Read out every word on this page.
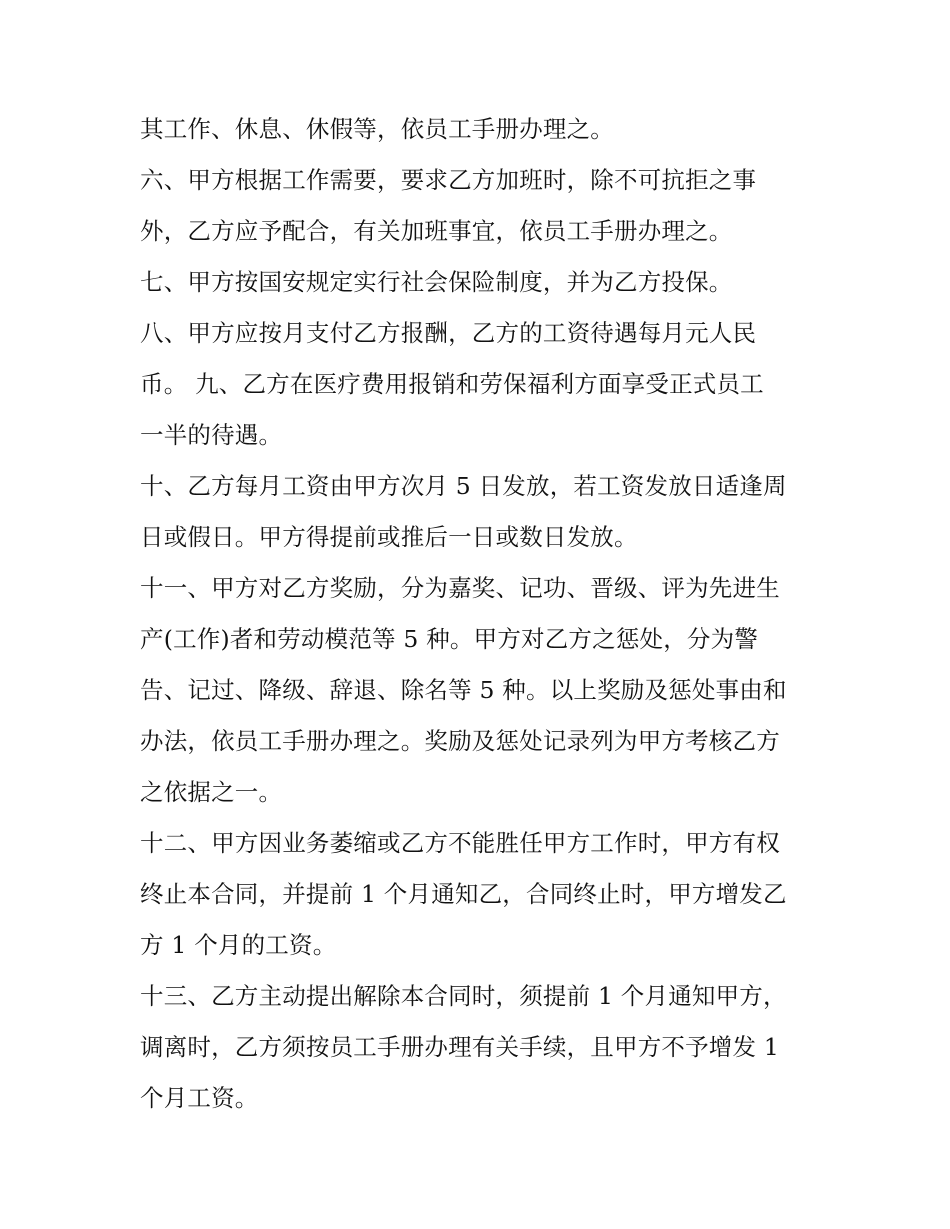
其工作、休息、休假等，依员工手册办理之。
六、甲方根据工作需要，要求乙方加班时，除不可抗拒之事
外，乙方应予配合，有关加班事宜，依员工手册办理之。
七、甲方按国安规定实行社会保险制度，并为乙方投保。
八、甲方应按月支付乙方报酬，乙方的工资待遇每月元人民
币。 九、乙方在医疗费用报销和劳保福利方面享受正式员工
一半的待遇。
十、乙方每月工资由甲方次月 5 日发放，若工资发放日适逢周
日或假日。甲方得提前或推后一日或数日发放。
十一、甲方对乙方奖励，分为嘉奖、记功、晋级、评为先进生
产(工作)者和劳动模范等 5 种。甲方对乙方之惩处，分为警
告、记过、降级、辞退、除名等 5 种。以上奖励及惩处事由和
办法，依员工手册办理之。奖励及惩处记录列为甲方考核乙方
之依据之一。
十二、甲方因业务萎缩或乙方不能胜任甲方工作时，甲方有权
终止本合同，并提前 1 个月通知乙，合同终止时，甲方增发乙
方 1 个月的工资。
十三、乙方主动提出解除本合同时，须提前 1 个月通知甲方，
调离时，乙方须按员工手册办理有关手续，且甲方不予增发 1
个月工资。
